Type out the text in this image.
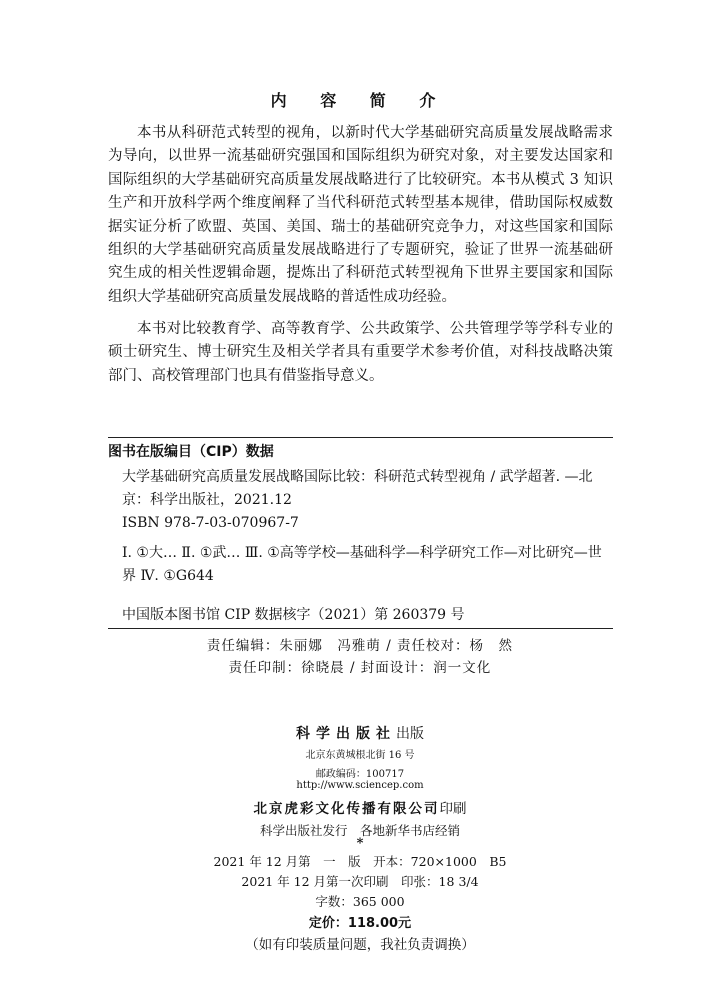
内 容 简 介

本书从科研范式转型的视角，以新时代大学基础研究高质量发展战略需求为导向，以世界一流基础研究强国和国际组织为研究对象，对主要发达国家和国际组织的大学基础研究高质量发展战略进行了比较研究。本书从模式 3 知识生产和开放科学两个维度阐释了当代科研范式转型基本规律，借助国际权威数据实证分析了欧盟、英国、美国、瑞士的基础研究竞争力，对这些国家和国际组织的大学基础研究高质量发展战略进行了专题研究，验证了世界一流基础研究生成的相关性逻辑命题，提炼出了科研范式转型视角下世界主要国家和国际组织大学基础研究高质量发展战略的普适性成功经验。

本书对比较教育学、高等教育学、公共政策学、公共管理学等学科专业的硕士研究生、博士研究生及相关学者具有重要学术参考价值，对科技战略决策部门、高校管理部门也具有借鉴指导意义。

图书在版编目（CIP）数据

大学基础研究高质量发展战略国际比较：科研范式转型视角 / 武学超著. —北京：科学出版社，2021.12

ISBN 978-7-03-070967-7

Ⅰ. ①大… Ⅱ. ①武… Ⅲ. ①高等学校—基础科学—科学研究工作—对比研究—世界 Ⅳ. ①G644

中国版本图书馆 CIP 数据核字（2021）第 260379 号
责任编辑：朱丽娜　冯雅萌 / 责任校对：杨　然
责任印制：徐晓晨 / 封面设计：润一文化
科学出版社出版
北京东黄城根北街 16 号
邮政编码：100717
http://www.sciencep.com
北京虎彩文化传播有限公司印刷
科学出版社发行　各地新华书店经销
*
2021 年 12 月第　一　版　开本：720×1000　B5
2021 年 12 月第一次印刷　印张：18 3/4
字数：365 000
定价：118.00元
（如有印装质量问题，我社负责调换）
